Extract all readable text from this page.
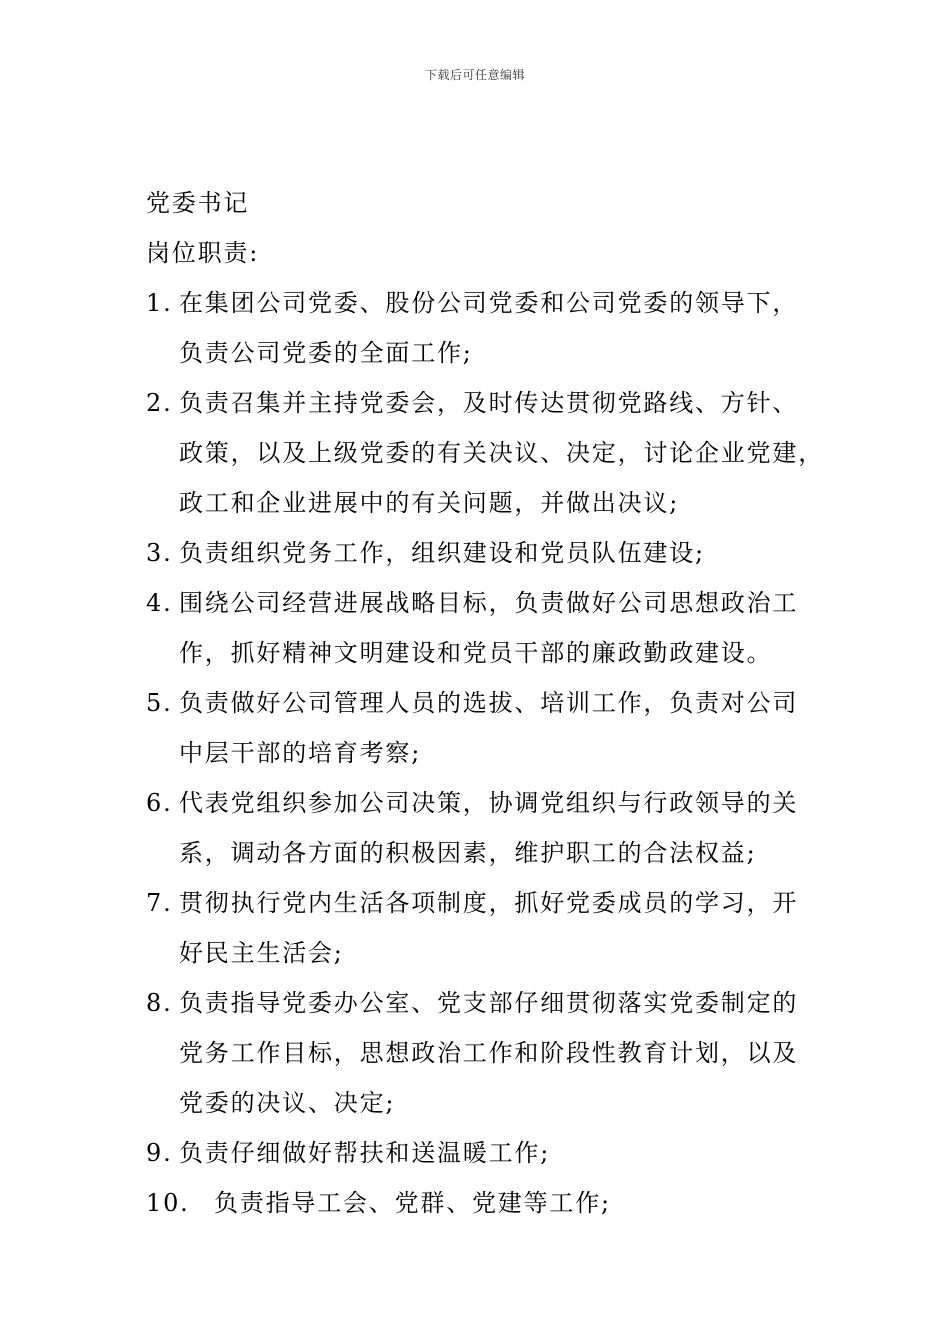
下载后可任意编辑
党委书记
岗位职责:
1. 在集团公司党委、股份公司党委和公司党委的领导下，
负责公司党委的全面工作;
2. 负责召集并主持党委会，及时传达贯彻党路线、方针、
政策，以及上级党委的有关决议、决定，讨论企业党建，
政工和企业进展中的有关问题，并做出决议;
3. 负责组织党务工作，组织建设和党员队伍建设;
4. 围绕公司经营进展战略目标，负责做好公司思想政治工
作，抓好精神文明建设和党员干部的廉政勤政建设。
5. 负责做好公司管理人员的选拔、培训工作，负责对公司
中层干部的培育考察;
6. 代表党组织参加公司决策，协调党组织与行政领导的关
系，调动各方面的积极因素，维护职工的合法权益;
7. 贯彻执行党内生活各项制度，抓好党委成员的学习，开
好民主生活会;
8. 负责指导党委办公室、党支部仔细贯彻落实党委制定的
党务工作目标，思想政治工作和阶段性教育计划，以及
党委的决议、决定;
9. 负责仔细做好帮扶和送温暖工作;
10. 负责指导工会、党群、党建等工作;
